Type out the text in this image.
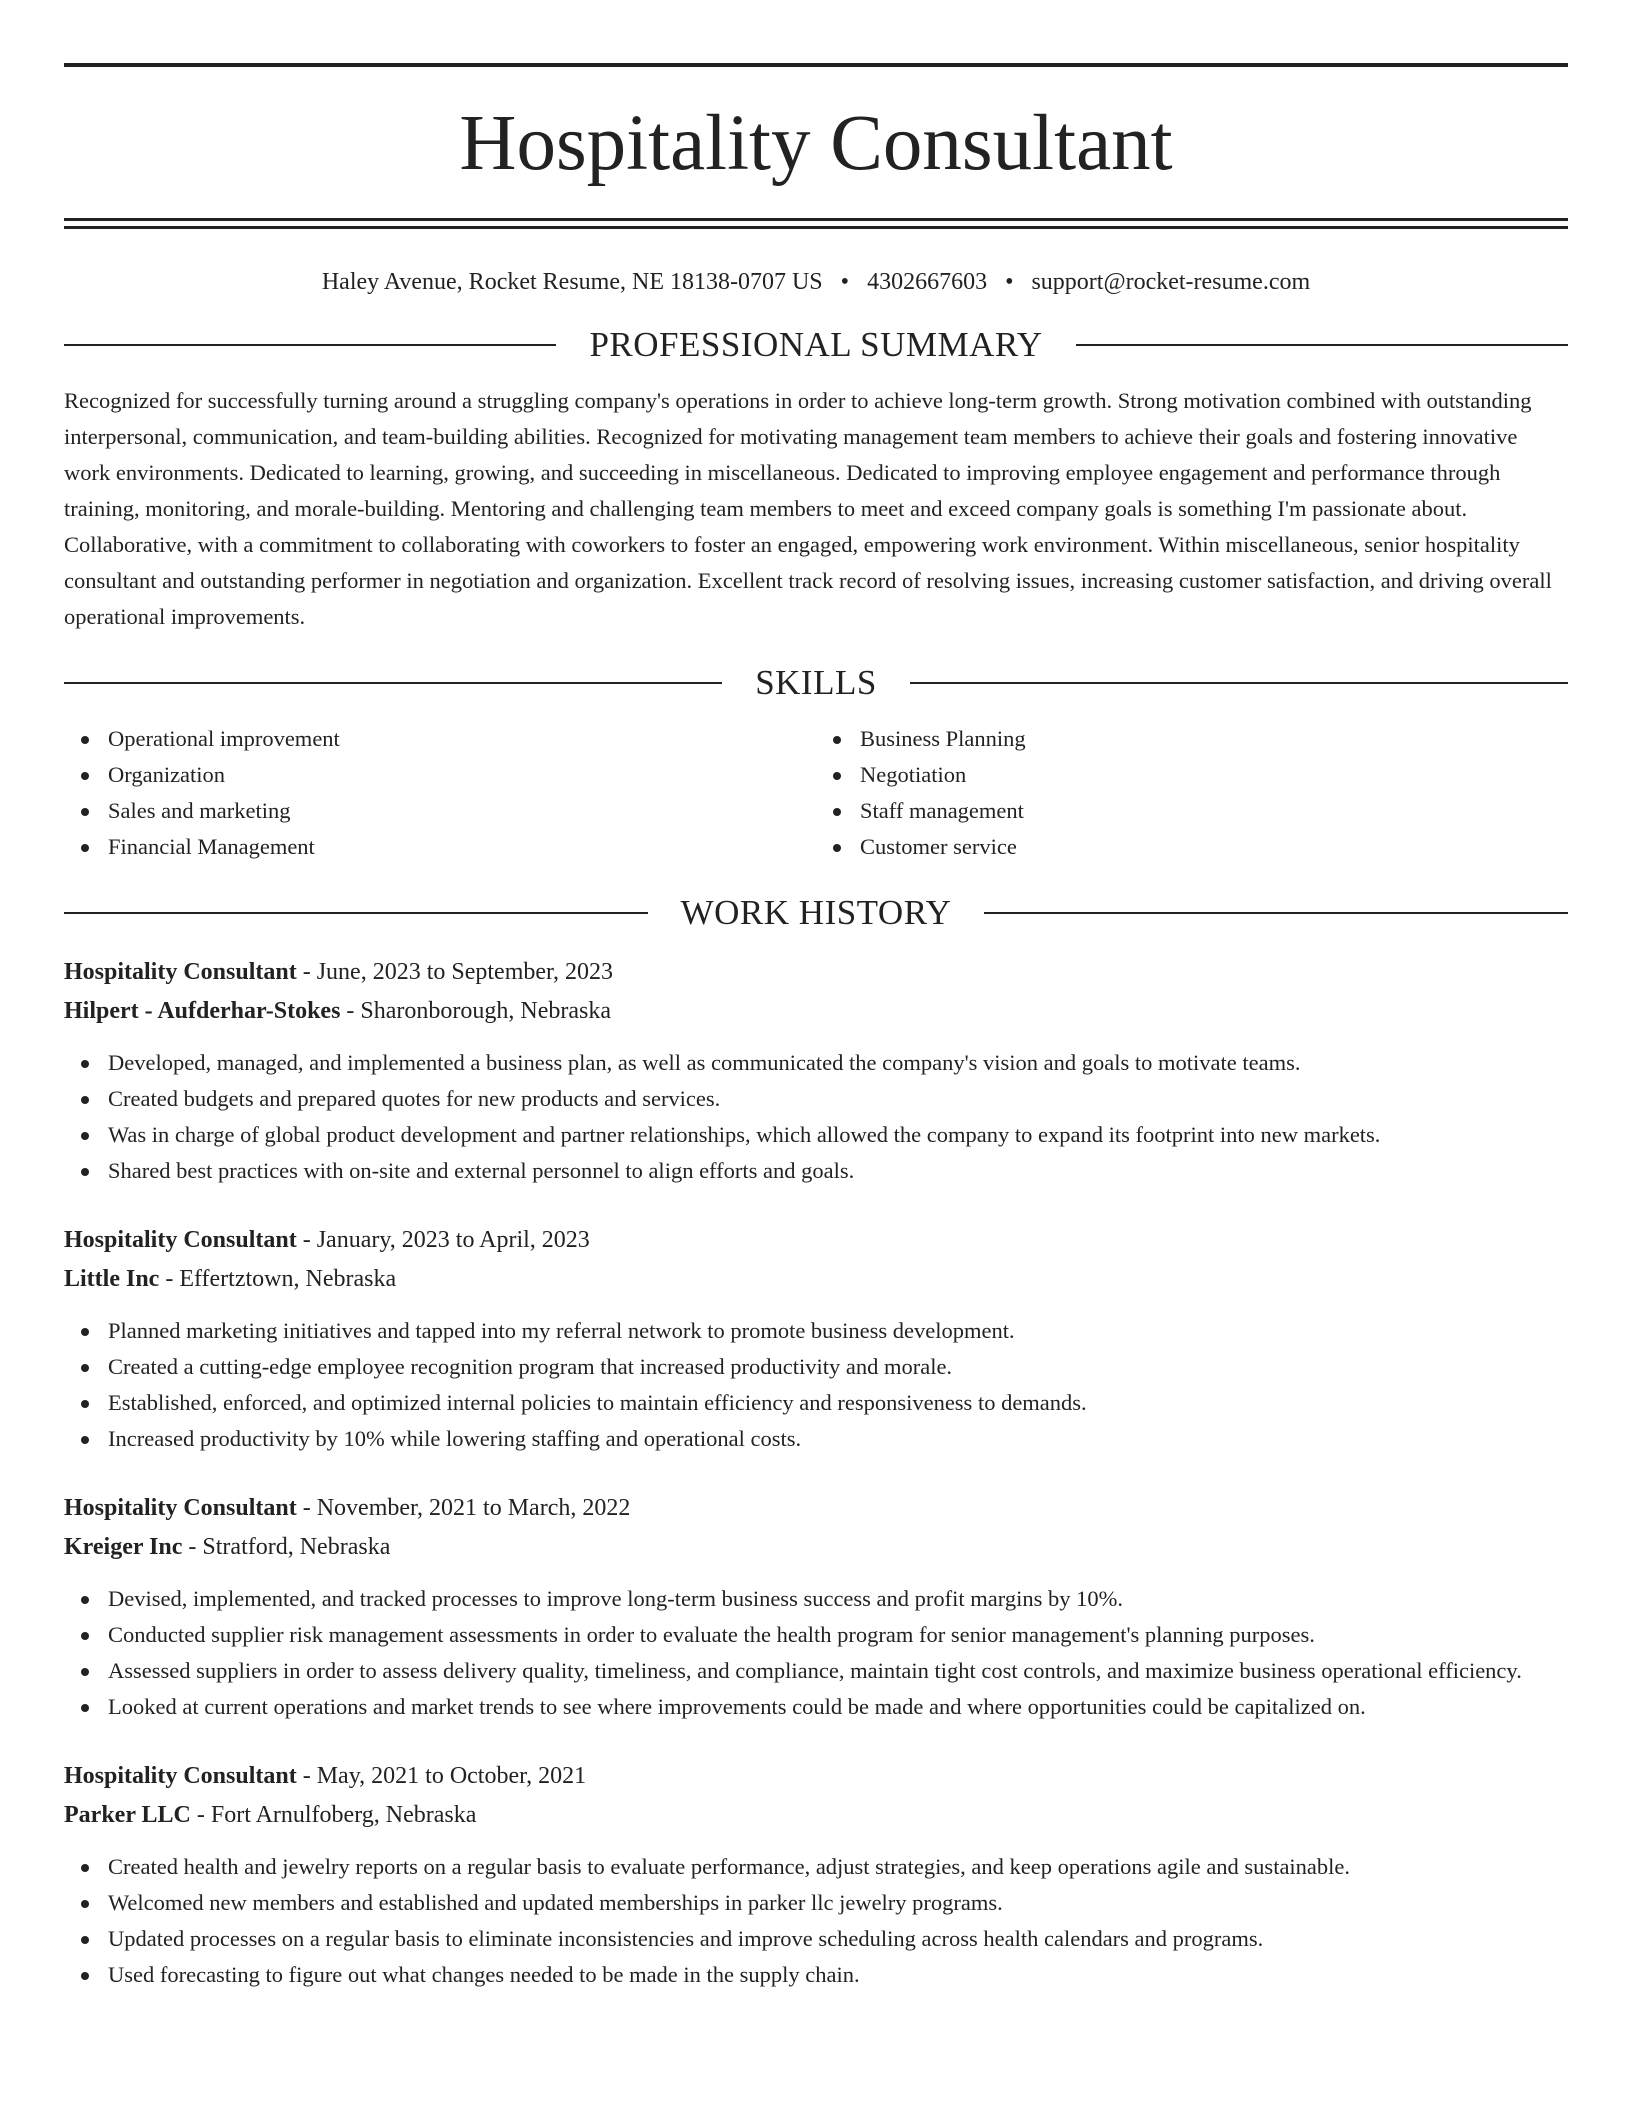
Hospitality Consultant
Haley Avenue, Rocket Resume, NE 18138-0707 US • 4302667603 • support@rocket-resume.com
PROFESSIONAL SUMMARY
Recognized for successfully turning around a struggling company's operations in order to achieve long-term growth. Strong motivation combined with outstanding interpersonal, communication, and team-building abilities. Recognized for motivating management team members to achieve their goals and fostering innovative work environments. Dedicated to learning, growing, and succeeding in miscellaneous. Dedicated to improving employee engagement and performance through training, monitoring, and morale-building. Mentoring and challenging team members to meet and exceed company goals is something I'm passionate about. Collaborative, with a commitment to collaborating with coworkers to foster an engaged, empowering work environment. Within miscellaneous, senior hospitality consultant and outstanding performer in negotiation and organization. Excellent track record of resolving issues, increasing customer satisfaction, and driving overall operational improvements.
SKILLS
Operational improvement
Organization
Sales and marketing
Financial Management
Business Planning
Negotiation
Staff management
Customer service
WORK HISTORY
Hospitality Consultant - June, 2023 to September, 2023
Hilpert - Aufderhar-Stokes - Sharonborough, Nebraska
Developed, managed, and implemented a business plan, as well as communicated the company's vision and goals to motivate teams.
Created budgets and prepared quotes for new products and services.
Was in charge of global product development and partner relationships, which allowed the company to expand its footprint into new markets.
Shared best practices with on-site and external personnel to align efforts and goals.
Hospitality Consultant - January, 2023 to April, 2023
Little Inc - Effertztown, Nebraska
Planned marketing initiatives and tapped into my referral network to promote business development.
Created a cutting-edge employee recognition program that increased productivity and morale.
Established, enforced, and optimized internal policies to maintain efficiency and responsiveness to demands.
Increased productivity by 10% while lowering staffing and operational costs.
Hospitality Consultant - November, 2021 to March, 2022
Kreiger Inc - Stratford, Nebraska
Devised, implemented, and tracked processes to improve long-term business success and profit margins by 10%.
Conducted supplier risk management assessments in order to evaluate the health program for senior management's planning purposes.
Assessed suppliers in order to assess delivery quality, timeliness, and compliance, maintain tight cost controls, and maximize business operational efficiency.
Looked at current operations and market trends to see where improvements could be made and where opportunities could be capitalized on.
Hospitality Consultant - May, 2021 to October, 2021
Parker LLC - Fort Arnulfoberg, Nebraska
Created health and jewelry reports on a regular basis to evaluate performance, adjust strategies, and keep operations agile and sustainable.
Welcomed new members and established and updated memberships in parker llc jewelry programs.
Updated processes on a regular basis to eliminate inconsistencies and improve scheduling across health calendars and programs.
Used forecasting to figure out what changes needed to be made in the supply chain.
